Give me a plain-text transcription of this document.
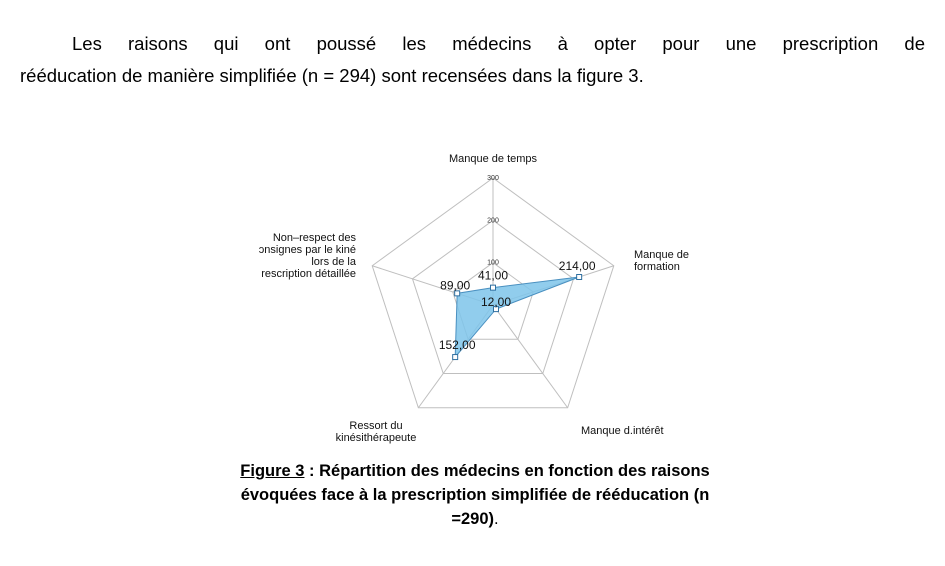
Les raisons qui ont poussé les médecins à opter pour une prescription de
rééducation de manière simplifiée (n = 294) sont recensées dans la figure 3.
100
200
300
41,00
214,00
12,00
152,00
89,00
Manque de temps
Manque de formation
Manque d.intérêt
Ressort du kinésithérapeute
Non–respect des ɔnsignes par le kiné lors de la rescription détaillée
Figure 3 : Répartition des médecins en fonction des raisons évoquées face à la prescription simplifiée de rééducation (n =290).
